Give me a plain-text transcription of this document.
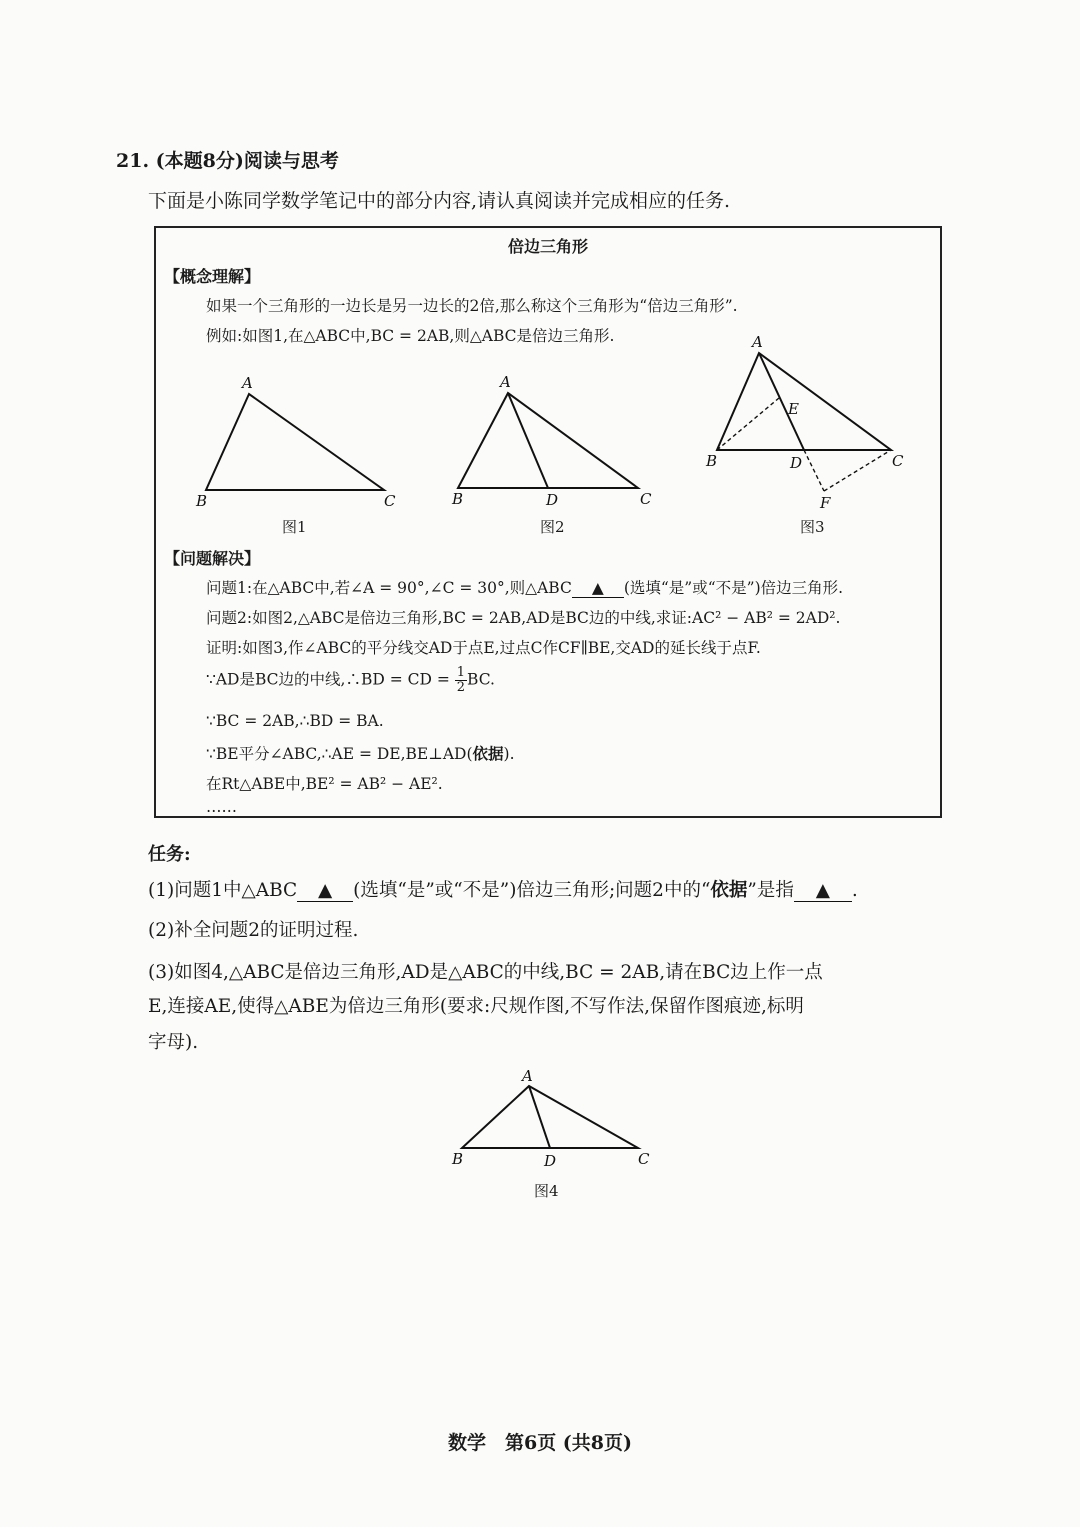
21. (本题8分)阅读与思考
下面是小陈同学数学笔记中的部分内容,请认真阅读并完成相应的任务.
倍边三角形
【概念理解】
如果一个三角形的一边长是另一边长的2倍,那么称这个三角形为“倍边三角形”.
例如:如图1,在△ABC中,BC = 2AB,则△ABC是倍边三角形.
A
B	C
A
B	D	C
A
E
B	D	C
F
图1	图2	图3
【问题解决】
问题1:在△ABC中,若∠A = 90°,∠C = 30°,则△ABC ▲ (选填“是”或“不是”)倍边三角形.
问题2:如图2,△ABC是倍边三角形,BC = 2AB,AD是BC边的中线,求证:AC² − AB² = 2AD².
证明:如图3,作∠ABC的平分线交AD于点E,过点C作CF∥BE,交AD的延长线于点F.
∵AD是BC边的中线,∴BD = CD = $\frac{1}{2}$ BC.
∵BC = 2AB,∴BD = BA.
∵BE平分∠ABC,∴AE = DE,BE⊥AD(依据).
在Rt△ABE中,BE² = AB² − AE².
……
任务:
(1)问题1中△ABC ▲ (选填“是”或“不是”)倍边三角形;问题2中的“依据”是指 ▲ .
(2)补全问题2的证明过程.
(3)如图4,△ABC是倍边三角形,AD是△ABC的中线,BC = 2AB,请在BC边上作一点
E,连接AE,使得△ABE为倍边三角形(要求:尺规作图,不写作法,保留作图痕迹,标明
字母).
A
B	D	C
图4
数学　第6页 (共8页)
